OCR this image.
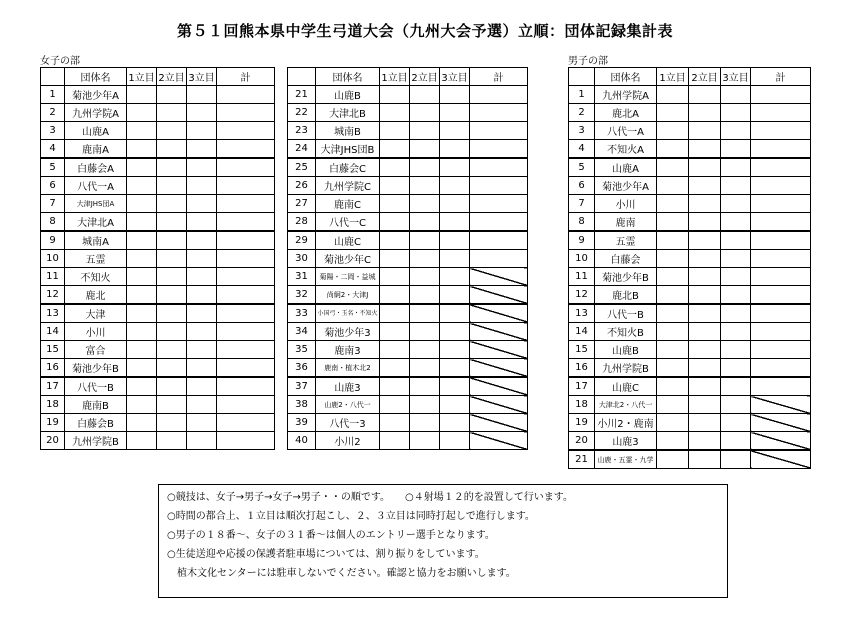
第５１回熊本県中学生弓道大会（九州大会予選）立順：団体記録集計表
女子の部	男子の部
	団体名	1立目	2立目	3立目	計
1	菊池少年A				
2	九州学院A				
3	山鹿A				
4	鹿南A				
5	白藤会A				
6	八代一A				
7	大津JHS団A				
8	大津北A				
9	城南A				
10	五霊				
11	不知火				
12	鹿北				
13	大津				
14	小川				
15	富合				
16	菊池少年B				
17	八代一B				
18	鹿南B				
19	白藤会B				
20	九州学院B				
	団体名	1立目	2立目	3立目	計
21	山鹿B				
22	大津北B				
23	城南B				
24	大津JHS団B				
25	白藤会C				
26	九州学院C				
27	鹿南C				
28	八代一C				
29	山鹿C				
30	菊池少年C				
31	菊陽・二岡・益城				
32	尚絅2・大津J				
33	小国弓・玉名・不知火				
34	菊池少年3				
35	鹿南3				
36	鹿南・植木北2				
37	山鹿3				
38	山鹿2・八代一				
39	八代一3				
40	小川2				
	団体名	1立目	2立目	3立目	計
1	九州学院A				
2	鹿北A				
3	八代一A				
4	不知火A				
5	山鹿A				
6	菊池少年A				
7	小川				
8	鹿南				
9	五霊				
10	白藤会				
11	菊池少年B				
12	鹿北B				
13	八代一B				
14	不知火B				
15	山鹿B				
16	九州学院B				
17	山鹿C				
18	大津北2・八代一				
19	小川2・鹿南				
20	山鹿3				
21	山鹿・五霊・九学				
○競技は、女子→男子→女子→男子・・の順です。　　○４射場１２的を設置して行います。
○時間の都合上、１立目は順次打起こし、２、３立目は同時打起しで進行します。
○男子の１８番～、女子の３１番～は個人のエントリー選手となります。
○生徒送迎や応援の保護者駐車場については、割り振りをしています。
植木文化センターには駐車しないでください。確認と協力をお願いします。
